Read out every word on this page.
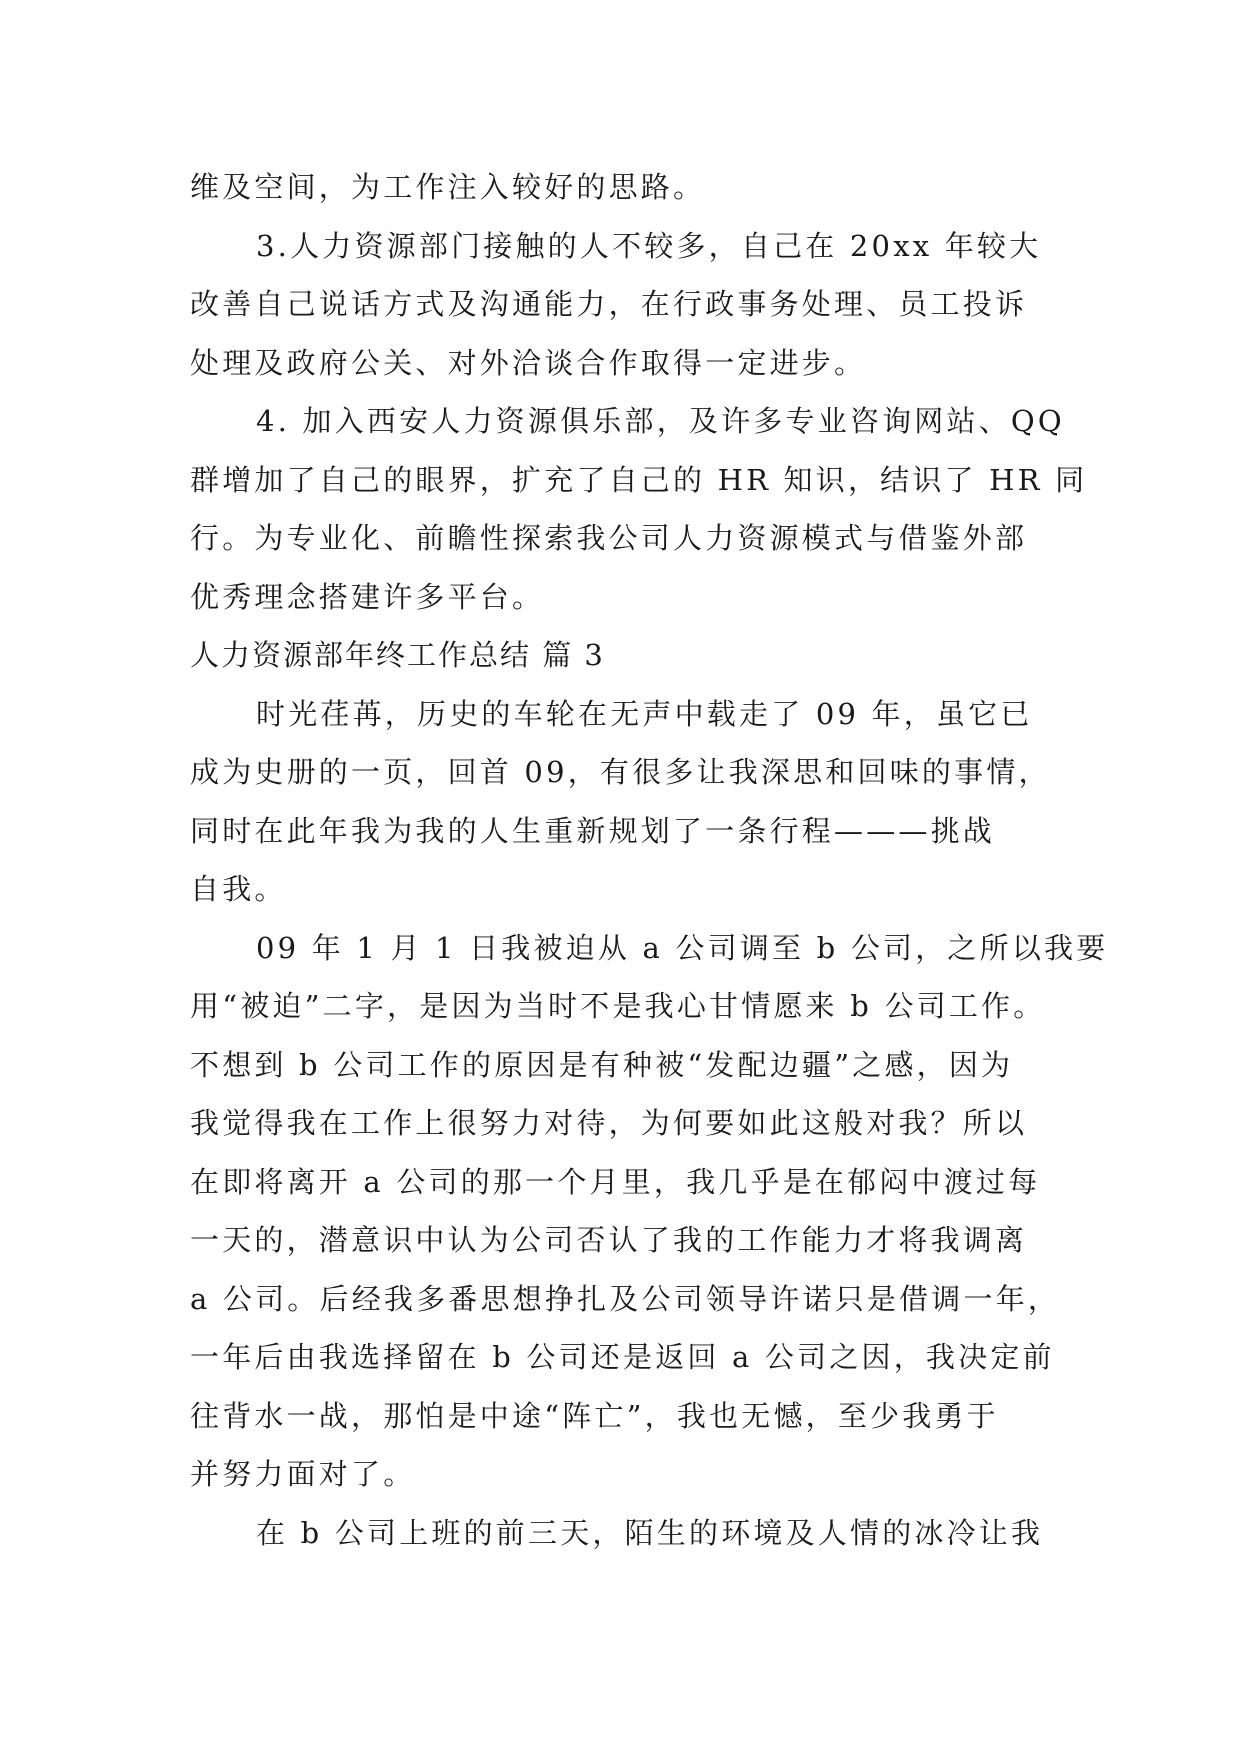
维及空间，为工作注入较好的思路。
3.人力资源部门接触的人不较多，自己在 20xx 年较大
改善自己说话方式及沟通能力，在行政事务处理、员工投诉
处理及政府公关、对外洽谈合作取得一定进步。
4. 加入西安人力资源俱乐部，及许多专业咨询网站、QQ
群增加了自己的眼界，扩充了自己的 HR 知识，结识了 HR 同
行。为专业化、前瞻性探索我公司人力资源模式与借鉴外部
优秀理念搭建许多平台。
人力资源部年终工作总结 篇 3
时光荏苒，历史的车轮在无声中载走了 09 年，虽它已
成为史册的一页，回首 09，有很多让我深思和回味的事情，
同时在此年我为我的人生重新规划了一条行程———挑战
自我。
09 年 1 月 1 日我被迫从 a 公司调至 b 公司，之所以我要
用“被迫”二字，是因为当时不是我心甘情愿来 b 公司工作。
不想到 b 公司工作的原因是有种被“发配边疆”之感，因为
我觉得我在工作上很努力对待，为何要如此这般对我？所以
在即将离开 a 公司的那一个月里，我几乎是在郁闷中渡过每
一天的，潜意识中认为公司否认了我的工作能力才将我调离
a 公司。后经我多番思想挣扎及公司领导许诺只是借调一年，
一年后由我选择留在 b 公司还是返回 a 公司之因，我决定前
往背水一战，那怕是中途“阵亡”，我也无憾，至少我勇于
并努力面对了。
在 b 公司上班的前三天，陌生的环境及人情的冰冷让我
